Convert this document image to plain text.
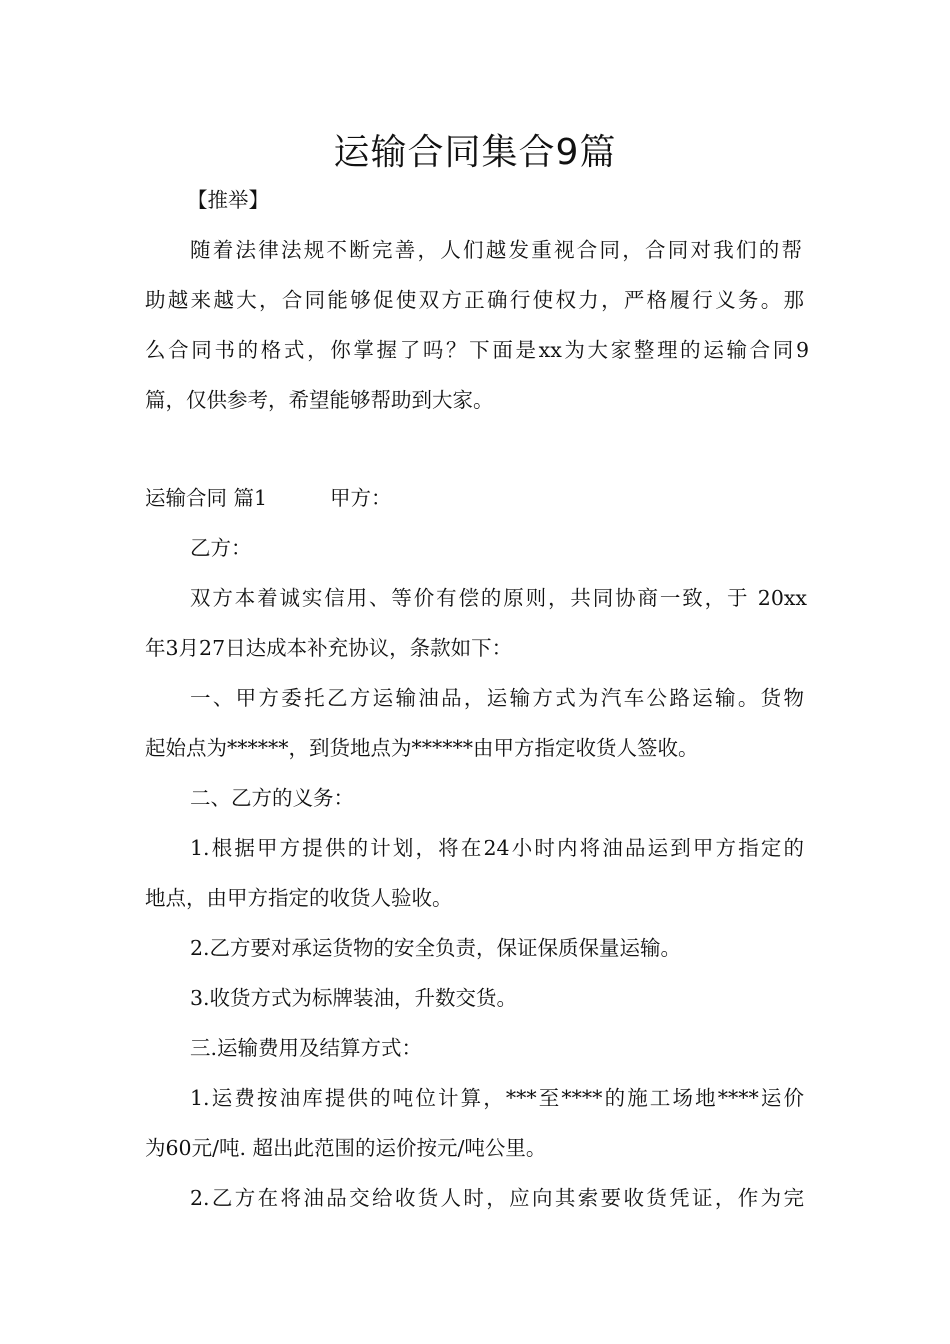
运输合同集合9篇

【推举】

随着法律法规不断完善，人们越发重视合同，合同对我们的帮

助越来越大，合同能够促使双方正确行使权力，严格履行义务。那

么合同书的格式，你掌握了吗？下面是xx为大家整理的运输合同9

篇，仅供参考，希望能够帮助到大家。

运输合同 篇1	甲方：

乙方：

双方本着诚实信用、等价有偿的原则，共同协商一致，于 20xx

年3月27日达成本补充协议，条款如下：

一、甲方委托乙方运输油品，运输方式为汽车公路运输。货物

起始点为******，到货地点为******由甲方指定收货人签收。

二、乙方的义务：

1.根据甲方提供的计划，将在24小时内将油品运到甲方指定的

地点，由甲方指定的收货人验收。

2.乙方要对承运货物的安全负责，保证保质保量运输。

3.收货方式为标牌装油，升数交货。

三.运输费用及结算方式：

1.运费按油库提供的吨位计算，***至****的施工场地****运价

为60元/吨. 超出此范围的运价按元/吨公里。

2.乙方在将油品交给收货人时，应向其索要收货凭证，作为完
